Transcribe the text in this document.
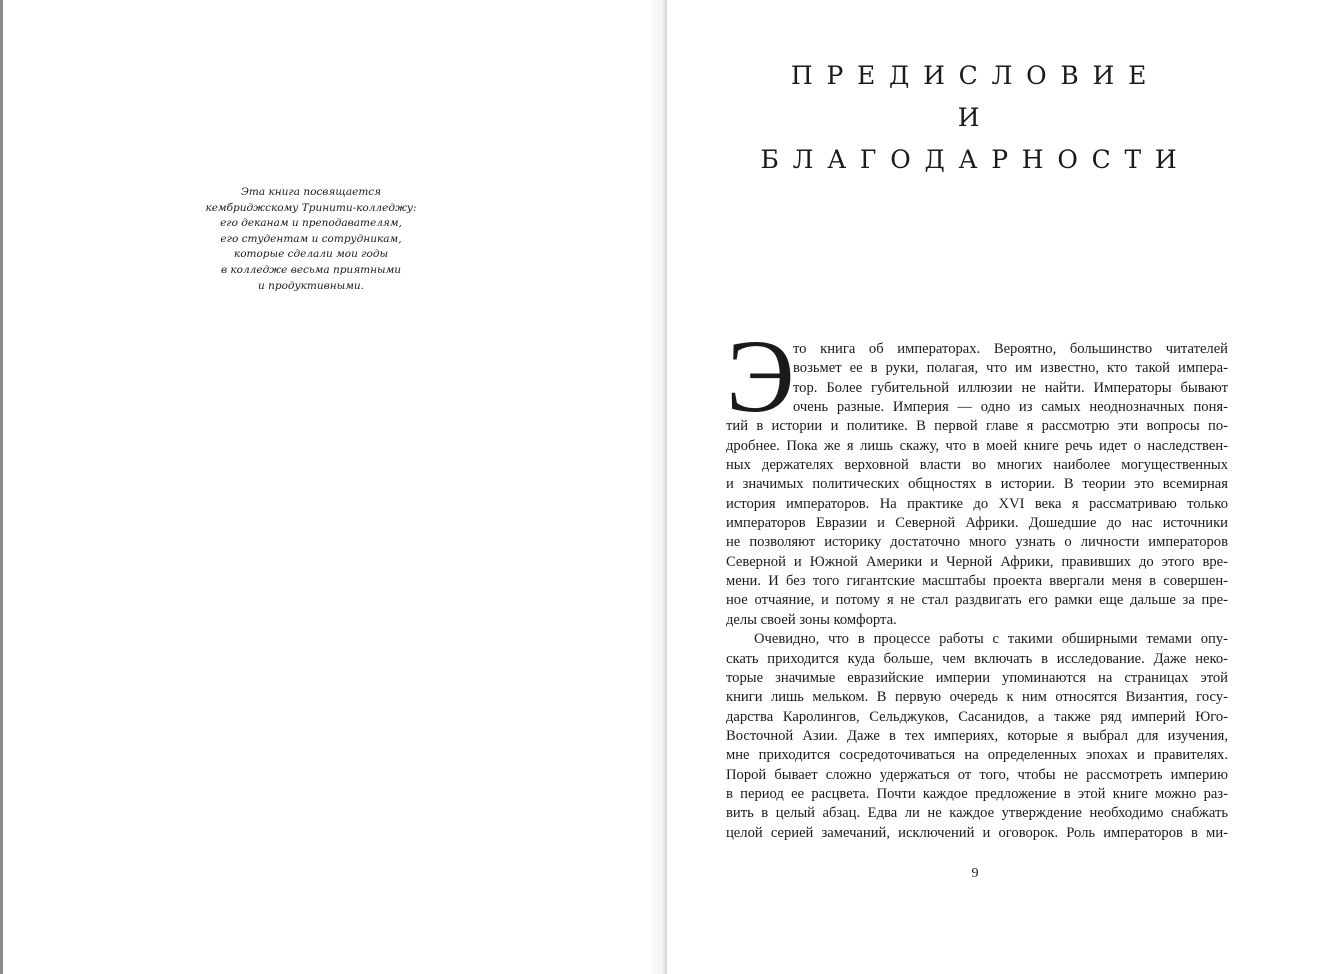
Эта книга посвящается
кембриджскому Тринити-колледжу:
его деканам и преподавателям,
его студентам и сотрудникам,
которые сделали мои годы
в колледже весьма приятными
и продуктивными.
ПРЕДИСЛОВИЕ
И
БЛАГОДАРНОСТИ
Э
то книга об императорах. Вероятно, большинство читателей
возьмет ее в руки, полагая, что им известно, кто такой импера-
тор. Более губительной иллюзии не найти. Императоры бывают
очень разные. Империя — одно из самых неоднозначных поня-
тий в истории и политике. В первой главе я рассмотрю эти вопросы по-
дробнее. Пока же я лишь скажу, что в моей книге речь идет о наследствен-
ных держателях верховной власти во многих наиболее могущественных
и значимых политических общностях в истории. В теории это всемирная
история императоров. На практике до XVI века я рассматриваю только
императоров Евразии и Северной Африки. Дошедшие до нас источники
не позволяют историку достаточно много узнать о личности императоров
Северной и Южной Америки и Черной Африки, правивших до этого вре-
мени. И без того гигантские масштабы проекта ввергали меня в совершен-
ное отчаяние, и потому я не стал раздвигать его рамки еще дальше за пре-
делы своей зоны комфорта.
Очевидно, что в процессе работы с такими обширными темами опу-
скать приходится куда больше, чем включать в исследование. Даже неко-
торые значимые евразийские империи упоминаются на страницах этой
книги лишь мельком. В первую очередь к ним относятся Византия, госу-
дарства Каролингов, Сельджуков, Сасанидов, а также ряд империй Юго-
Восточной Азии. Даже в тех империях, которые я выбрал для изучения,
мне приходится сосредоточиваться на определенных эпохах и правителях.
Порой бывает сложно удержаться от того, чтобы не рассмотреть империю
в период ее расцвета. Почти каждое предложение в этой книге можно раз-
вить в целый абзац. Едва ли не каждое утверждение необходимо снабжать
целой серией замечаний, исключений и оговорок. Роль императоров в ми-
9
